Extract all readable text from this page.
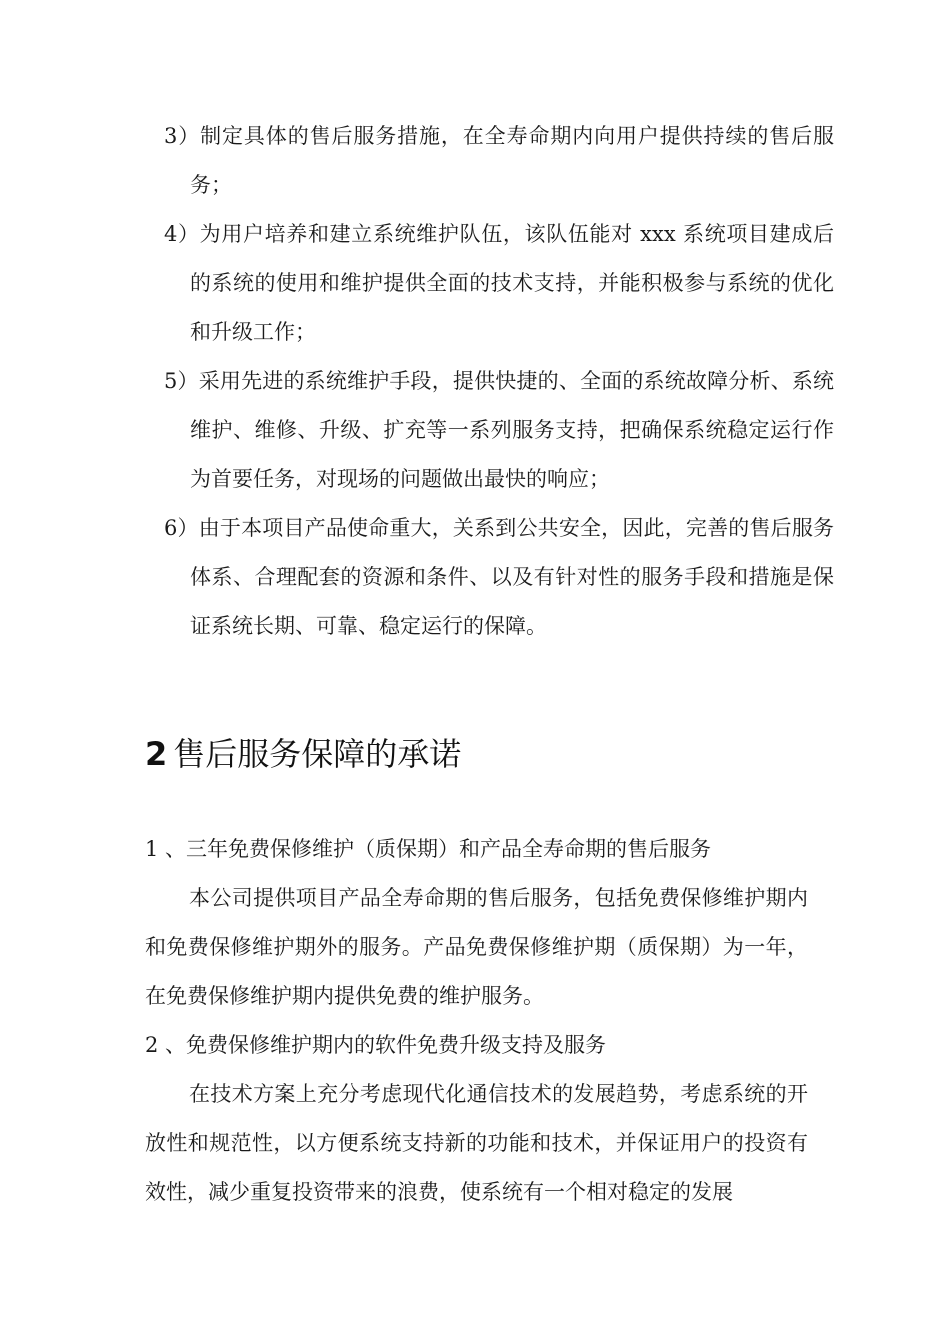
3）制定具体的售后服务措施，在全寿命期内向用户提供持续的售后服务；
4）为用户培养和建立系统维护队伍，该队伍能对 xxx 系统项目建成后的系统的使用和维护提供全面的技术支持，并能积极参与系统的优化和升级工作；
5）采用先进的系统维护手段，提供快捷的、全面的系统故障分析、系统维护、维修、升级、扩充等一系列服务支持，把确保系统稳定运行作为首要任务，对现场的问题做出最快的响应；
6）由于本项目产品使命重大，关系到公共安全，因此，完善的售后服务体系、合理配套的资源和条件、以及有针对性的服务手段和措施是保证系统长期、可靠、稳定运行的保障。
2 售后服务保障的承诺

1 、三年免费保修维护（质保期）和产品全寿命期的售后服务

本公司提供项目产品全寿命期的售后服务，包括免费保修维护期内和免费保修维护期外的服务。产品免费保修维护期（质保期）为一年，在免费保修维护期内提供免费的维护服务。

2 、免费保修维护期内的软件免费升级支持及服务

在技术方案上充分考虑现代化通信技术的发展趋势，考虑系统的开放性和规范性，以方便系统支持新的功能和技术，并保证用户的投资有效性，减少重复投资带来的浪费，使系统有一个相对稳定的发展
